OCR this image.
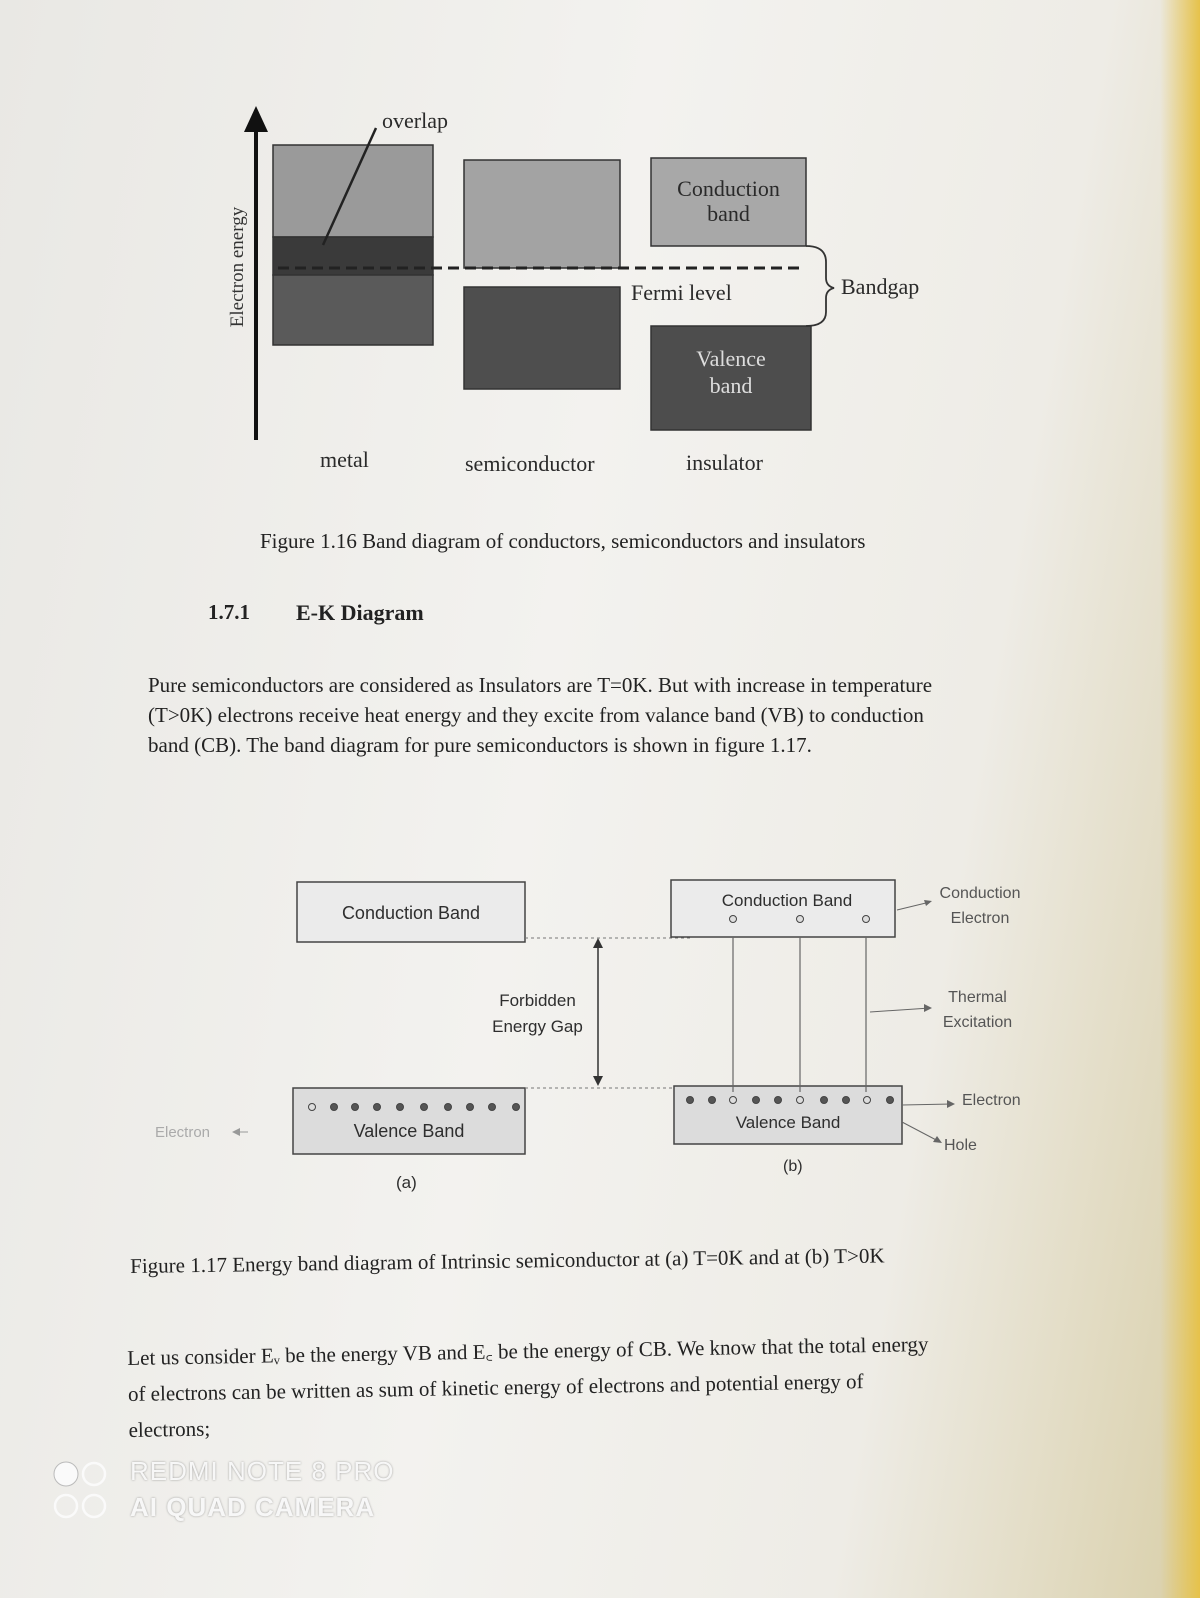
Electron energy
overlap
Conduction
band
Valence
band
Fermi level	Bandgap
metal	semiconductor	insulator
Figure 1.16 Band diagram of conductors, semiconductors and insulators
1.7.1 E-K Diagram
Pure semiconductors are considered as Insulators are T=0K. But with increase in temperature
(T>0K) electrons receive heat energy and they excite from valance band (VB) to conduction
band (CB). The band diagram for pure semiconductors is shown in figure 1.17.
Conduction Band
Valence Band
Forbidden
Energy Gap
Electron
(a)
Conduction Band
Valence Band
(b)
Conduction
Electron
Thermal
Excitation
Electron
Hole
Figure 1.17 Energy band diagram of Intrinsic semiconductor at (a) T=0K and at (b) T>0K
Let us consider Eᵥ be the energy VB and E꜀ be the energy of CB. We know that the total energy
of electrons can be written as sum of kinetic energy of electrons and potential energy of
electrons;
REDMI NOTE 8 PRO
AI QUAD CAMERA
